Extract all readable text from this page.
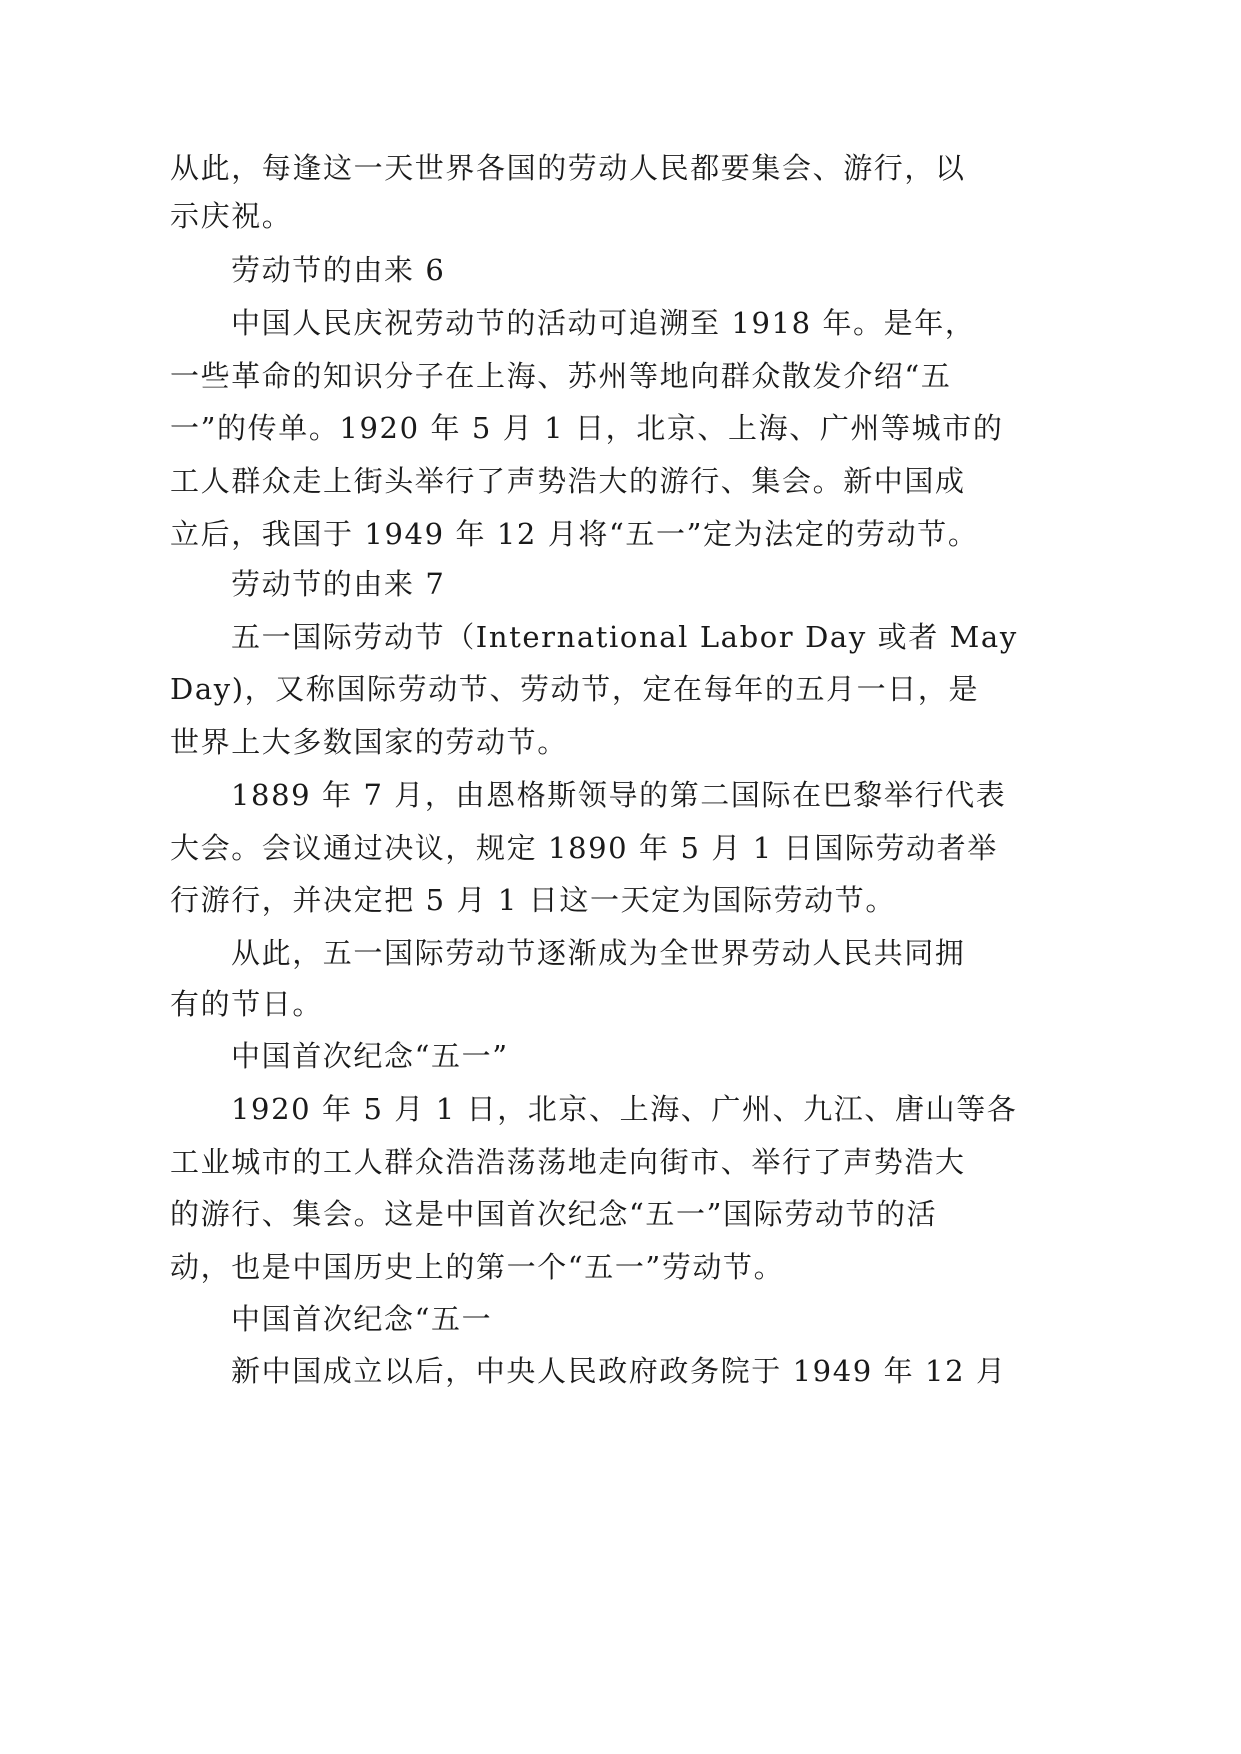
从此，每逢这一天世界各国的劳动人民都要集会、游行，以
示庆祝。
劳动节的由来 6
中国人民庆祝劳动节的活动可追溯至 1918 年。是年，
一些革命的知识分子在上海、苏州等地向群众散发介绍“五
一”的传单。1920 年 5 月 1 日，北京、上海、广州等城市的
工人群众走上街头举行了声势浩大的游行、集会。新中国成
立后，我国于 1949 年 12 月将“五一”定为法定的劳动节。
劳动节的由来 7
五一国际劳动节（International Labor Day 或者 May
Day)，又称国际劳动节、劳动节，定在每年的五月一日，是
世界上大多数国家的劳动节。
1889 年 7 月，由恩格斯领导的第二国际在巴黎举行代表
大会。会议通过决议，规定 1890 年 5 月 1 日国际劳动者举
行游行，并决定把 5 月 1 日这一天定为国际劳动节。
从此，五一国际劳动节逐渐成为全世界劳动人民共同拥
有的节日。
中国首次纪念“五一”
1920 年 5 月 1 日，北京、上海、广州、九江、唐山等各
工业城市的工人群众浩浩荡荡地走向街市、举行了声势浩大
的游行、集会。这是中国首次纪念“五一”国际劳动节的活
动，也是中国历史上的第一个“五一”劳动节。
中国首次纪念“五一
新中国成立以后，中央人民政府政务院于 1949 年 12 月
